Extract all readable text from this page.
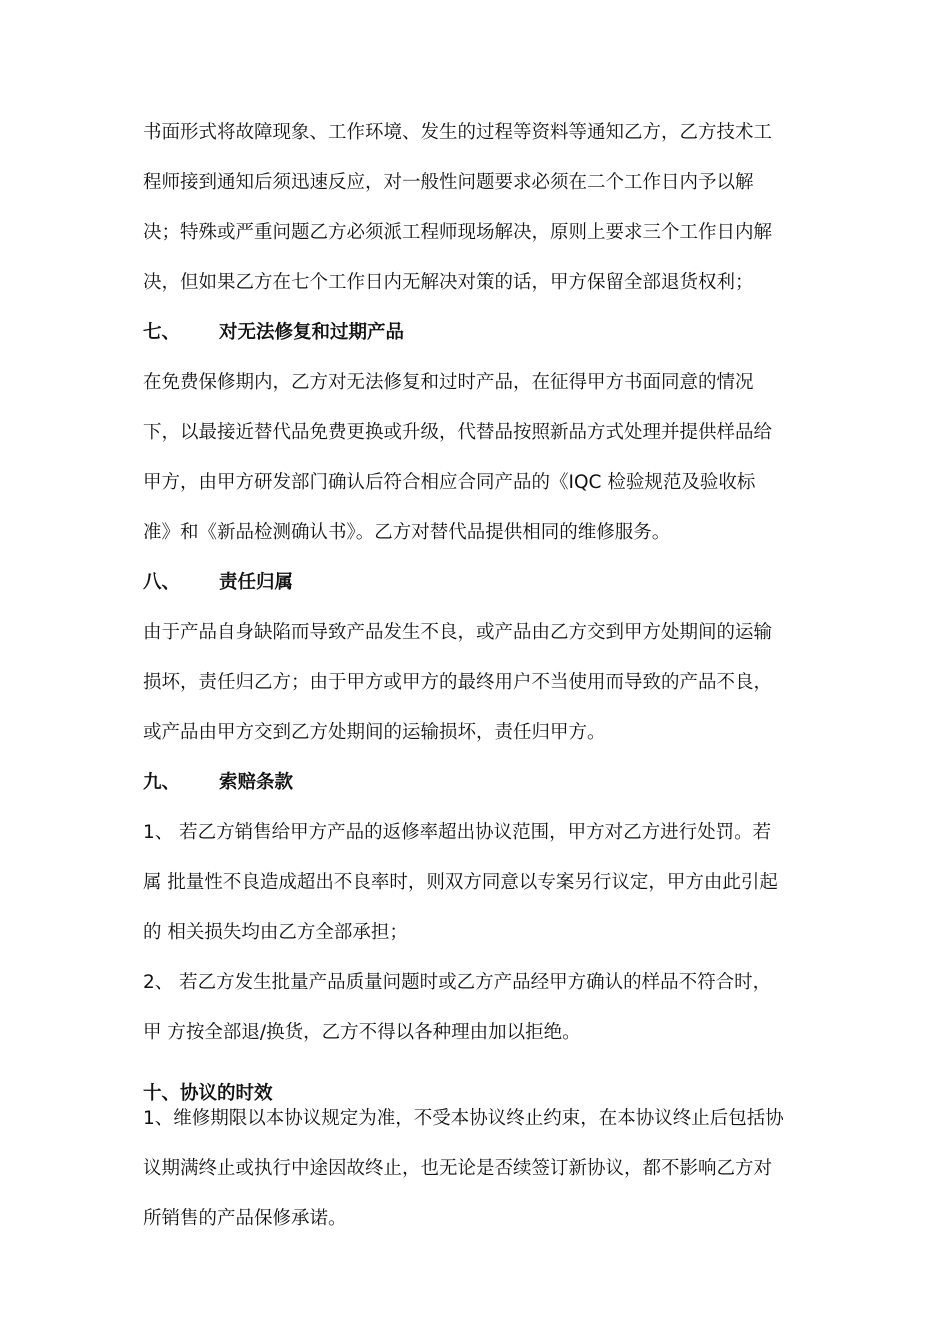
书面形式将故障现象、工作环境、发生的过程等资料等通知乙方，乙方技术工
程师接到通知后须迅速反应，对一般性问题要求必须在二个工作日内予以解
决；特殊或严重问题乙方必须派工程师现场解决，原则上要求三个工作日内解
决，但如果乙方在七个工作日内无解决对策的话，甲方保留全部退货权利；
七、 对无法修复和过期产品
在免费保修期内，乙方对无法修复和过时产品，在征得甲方书面同意的情况
下，以最接近替代品免费更换或升级，代替品按照新品方式处理并提供样品给
甲方，由甲方研发部门确认后符合相应合同产品的《IQC 检验规范及验收标
准》和《新品检测确认书》。乙方对替代品提供相同的维修服务。
八、 责任归属
由于产品自身缺陷而导致产品发生不良，或产品由乙方交到甲方处期间的运输
损坏，责任归乙方；由于甲方或甲方的最终用户不当使用而导致的产品不良，
或产品由甲方交到乙方处期间的运输损坏，责任归甲方。
九、 索赔条款
1、 若乙方销售给甲方产品的返修率超出协议范围，甲方对乙方进行处罚。若
属 批量性不良造成超出不良率时，则双方同意以专案另行议定，甲方由此引起
的 相关损失均由乙方全部承担；
2、 若乙方发生批量产品质量问题时或乙方产品经甲方确认的样品不符合时，
甲 方按全部退/换货，乙方不得以各种理由加以拒绝。
十、协议的时效
1、维修期限以本协议规定为准，不受本协议终止约束，在本协议终止后包括协
议期满终止或执行中途因故终止，也无论是否续签订新协议，都不影响乙方对
所销售的产品保修承诺。
